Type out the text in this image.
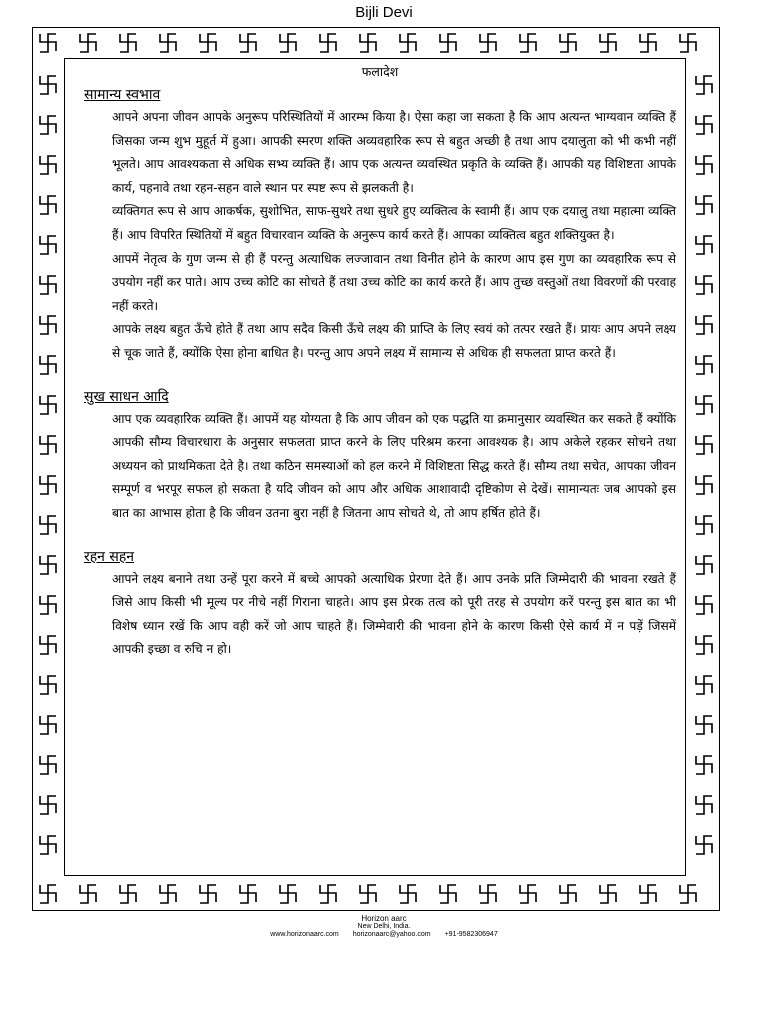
Bijli Devi
फलादेश
सामान्य स्वभाव

आपने अपना जीवन आपके अनुरूप परिस्थितियों में आरम्भ किया है। ऐसा कहा जा सकता है कि आप अत्यन्त भाग्यवान व्यक्ति हैं जिसका जन्म शुभ मुहूर्त में हुआ। आपकी स्मरण शक्ति अव्यवहारिक रूप से बहुत अच्छी है तथा आप दयालुता को भी कभी नहीं भूलते। आप आवश्यकता से अधिक सभ्य व्यक्ति हैं। आप एक अत्यन्त व्यवस्थित प्रकृति के व्यक्ति हैं। आपकी यह विशिष्टता आपके कार्य, पहनावे तथा रहन-सहन वाले स्थान पर स्पष्ट रूप से झलकती है।

व्यक्तिगत रूप से आप आकर्षक, सुशोभित, साफ-सुथरे तथा सुधरे हुए व्यक्तित्व के स्वामी हैं। आप एक दयालु तथा महात्मा व्यक्ति हैं। आप विपरित स्थितियों में बहुत विचारवान व्यक्ति के अनुरूप कार्य करते हैं। आपका व्यक्तित्व बहुत शक्तियुक्त है।

आपमें नेतृत्व के गुण जन्म से ही हैं परन्तु अत्याधिक लज्जावान तथा विनीत होने के कारण आप इस गुण का व्यवहारिक रूप से उपयोग नहीं कर पाते। आप उच्च कोटि का सोचते हैं तथा उच्च कोटि का कार्य करते हैं। आप तुच्छ वस्तुओं तथा विवरणों की परवाह नहीं करते।

आपके लक्ष्य बहुत ऊँचे होते हैं तथा आप सदैव किसी ऊँचे लक्ष्य की प्राप्ति के लिए स्वयं को तत्पर रखते हैं। प्रायः आप अपने लक्ष्य से चूक जाते हैं, क्योंकि ऐसा होना बाधित है। परन्तु आप अपने लक्ष्य में सामान्य से अधिक ही सफलता प्राप्त करते हैं।

सुख साधन आदि

आप एक व्यवहारिक व्यक्ति हैं। आपमें यह योग्यता है कि आप जीवन को एक पद्धति या क्रमानुसार व्यवस्थित कर सकते हैं क्योंकि आपकी सौम्य विचारधारा के अनुसार सफलता प्राप्त करने के लिए परिश्रम करना आवश्यक है। आप अकेले रहकर सोचने तथा अध्ययन को प्राथमिकता देते है। तथा कठिन समस्याओं को हल करने में विशिष्टता सिद्ध करते हैं। सौम्य तथा सचेत, आपका जीवन सम्पूर्ण व भरपूर सफल हो सकता है यदि जीवन को आप और अधिक आशावादी दृष्टिकोण से देखें। सामान्यतः जब आपको इस बात का आभास होता है कि जीवन उतना बुरा नहीं है जितना आप सोचते थे, तो आप हर्षित होते हैं।

रहन सहन

आपने लक्ष्य बनाने तथा उन्हें पूरा करने में बच्चे आपको अत्याधिक प्रेरणा देते हैं। आप उनके प्रति जिम्मेदारी की भावना रखते हैं जिसे आप किसी भी मूल्य पर नीचे नहीं गिराना चाहते। आप इस प्रेरक तत्व को पूरी तरह से उपयोग करें परन्तु इस बात का भी विशेष ध्यान रखें कि आप वही करें जो आप चाहते हैं। जिम्मेवारी की भावना होने के कारण किसी ऐसे कार्य में न पड़ें जिसमें आपकी इच्छा व रुचि न हो।

Horizon aarc
New Delhi, India.
www.horizonaarc.com horizonaarc@yahoo.com +91-9582306947
